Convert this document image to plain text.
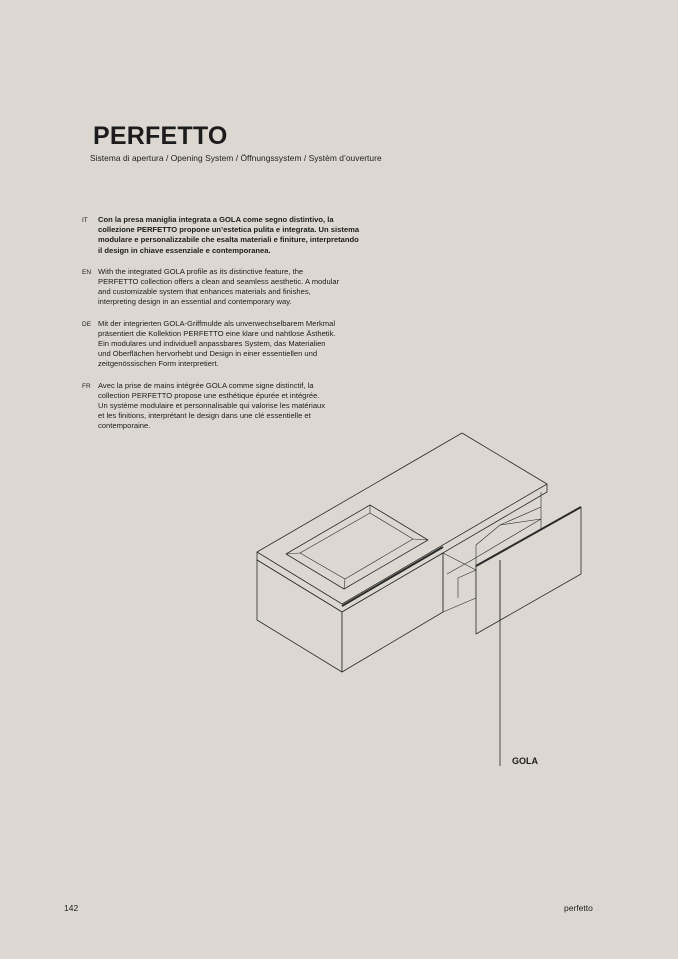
PERFETTO
Sistema di apertura / Opening System / Öffnungssystem / Systèm d’ouverture
IT	Con la presa maniglia integrata a GOLA come segno distintivo, la
collezione PERFETTO propone un’estetica pulita e integrata. Un sistema
modulare e personalizzabile che esalta materiali e finiture, interpretando
il design in chiave essenziale e contemporanea.
EN With the integrated GOLA profile as its distinctive feature, the
PERFETTO collection offers a clean and seamless aesthetic. A modular
and customizable system that enhances materials and finishes,
interpreting design in an essential and contemporary way.
DE Mit der integrierten GOLA-Griffmulde als unverwechselbarem Merkmal
präsentiert die Kollektion PERFETTO eine klare und nahtlose Ästhetik.
Ein modulares und individuell anpassbares System, das Materialien
und Oberflächen hervorhebt und Design in einer essentiellen und
zeitgenössischen Form interpretiert.
FR Avec la prise de mains intégrée GOLA comme signe distinctif, la
collection PERFETTO propose une esthétique épurée et intégrée.
Un système modulaire et personnalisable qui valorise les matériaux
et les finitions, interprétant le design dans une clé essentielle et
contemporaine.
GOLA
142	perfetto
